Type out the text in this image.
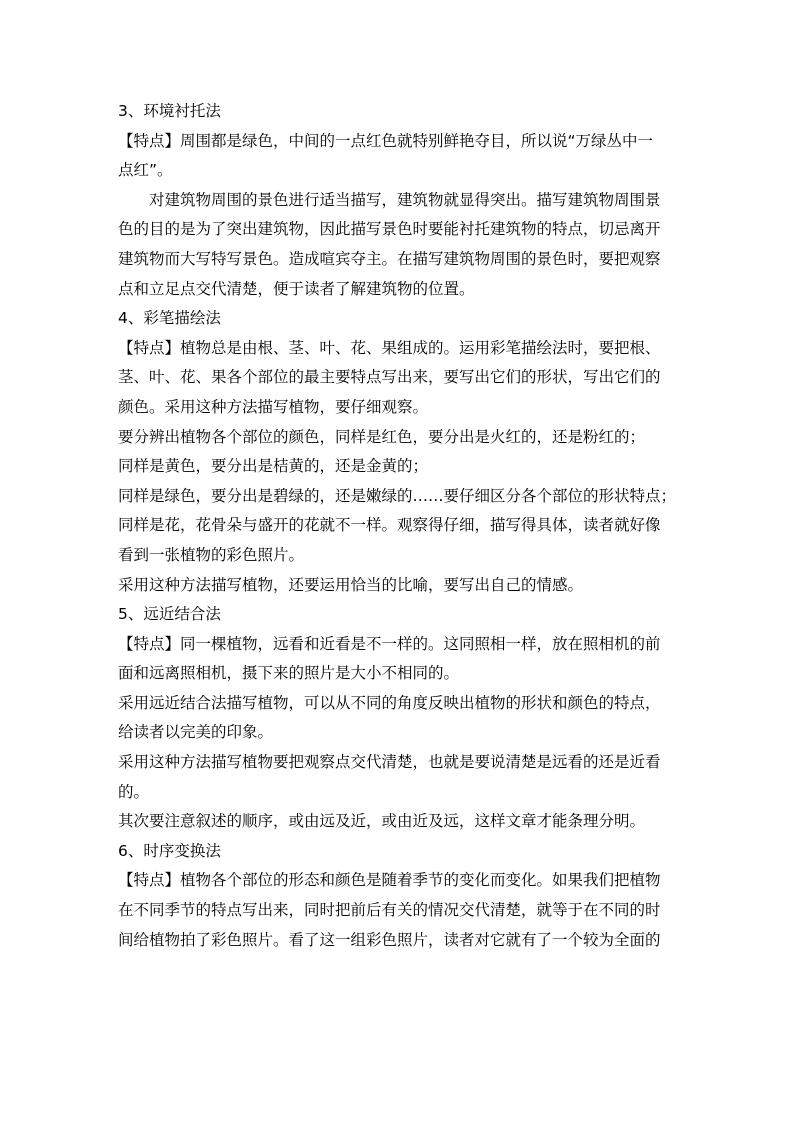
3、环境衬托法
【特点】周围都是绿色，中间的一点红色就特别鲜艳夺目，所以说“万绿丛中一
点红”。
对建筑物周围的景色进行适当描写，建筑物就显得突出。描写建筑物周围景
色的目的是为了突出建筑物，因此描写景色时要能衬托建筑物的特点，切忌离开
建筑物而大写特写景色。造成喧宾夺主。在描写建筑物周围的景色时，要把观察
点和立足点交代清楚，便于读者了解建筑物的位置。
4、彩笔描绘法
【特点】植物总是由根、茎、叶、花、果组成的。运用彩笔描绘法时，要把根、
茎、叶、花、果各个部位的最主要特点写出来，要写出它们的形状，写出它们的
颜色。采用这种方法描写植物，要仔细观察。
要分辨出植物各个部位的颜色，同样是红色，要分出是火红的，还是粉红的；
同样是黄色，要分出是桔黄的，还是金黄的；
同样是绿色，要分出是碧绿的，还是嫩绿的……要仔细区分各个部位的形状特点；
同样是花，花骨朵与盛开的花就不一样。观察得仔细，描写得具体，读者就好像
看到一张植物的彩色照片。
采用这种方法描写植物，还要运用恰当的比喻，要写出自己的情感。
5、远近结合法
【特点】同一棵植物，远看和近看是不一样的。这同照相一样，放在照相机的前
面和远离照相机，摄下来的照片是大小不相同的。
采用远近结合法描写植物，可以从不同的角度反映出植物的形状和颜色的特点，
给读者以完美的印象。
采用这种方法描写植物要把观察点交代清楚，也就是要说清楚是远看的还是近看
的。
其次要注意叙述的顺序，或由远及近，或由近及远，这样文章才能条理分明。
6、时序变换法
【特点】植物各个部位的形态和颜色是随着季节的变化而变化。如果我们把植物
在不同季节的特点写出来，同时把前后有关的情况交代清楚，就等于在不同的时
间给植物拍了彩色照片。看了这一组彩色照片，读者对它就有了一个较为全面的
